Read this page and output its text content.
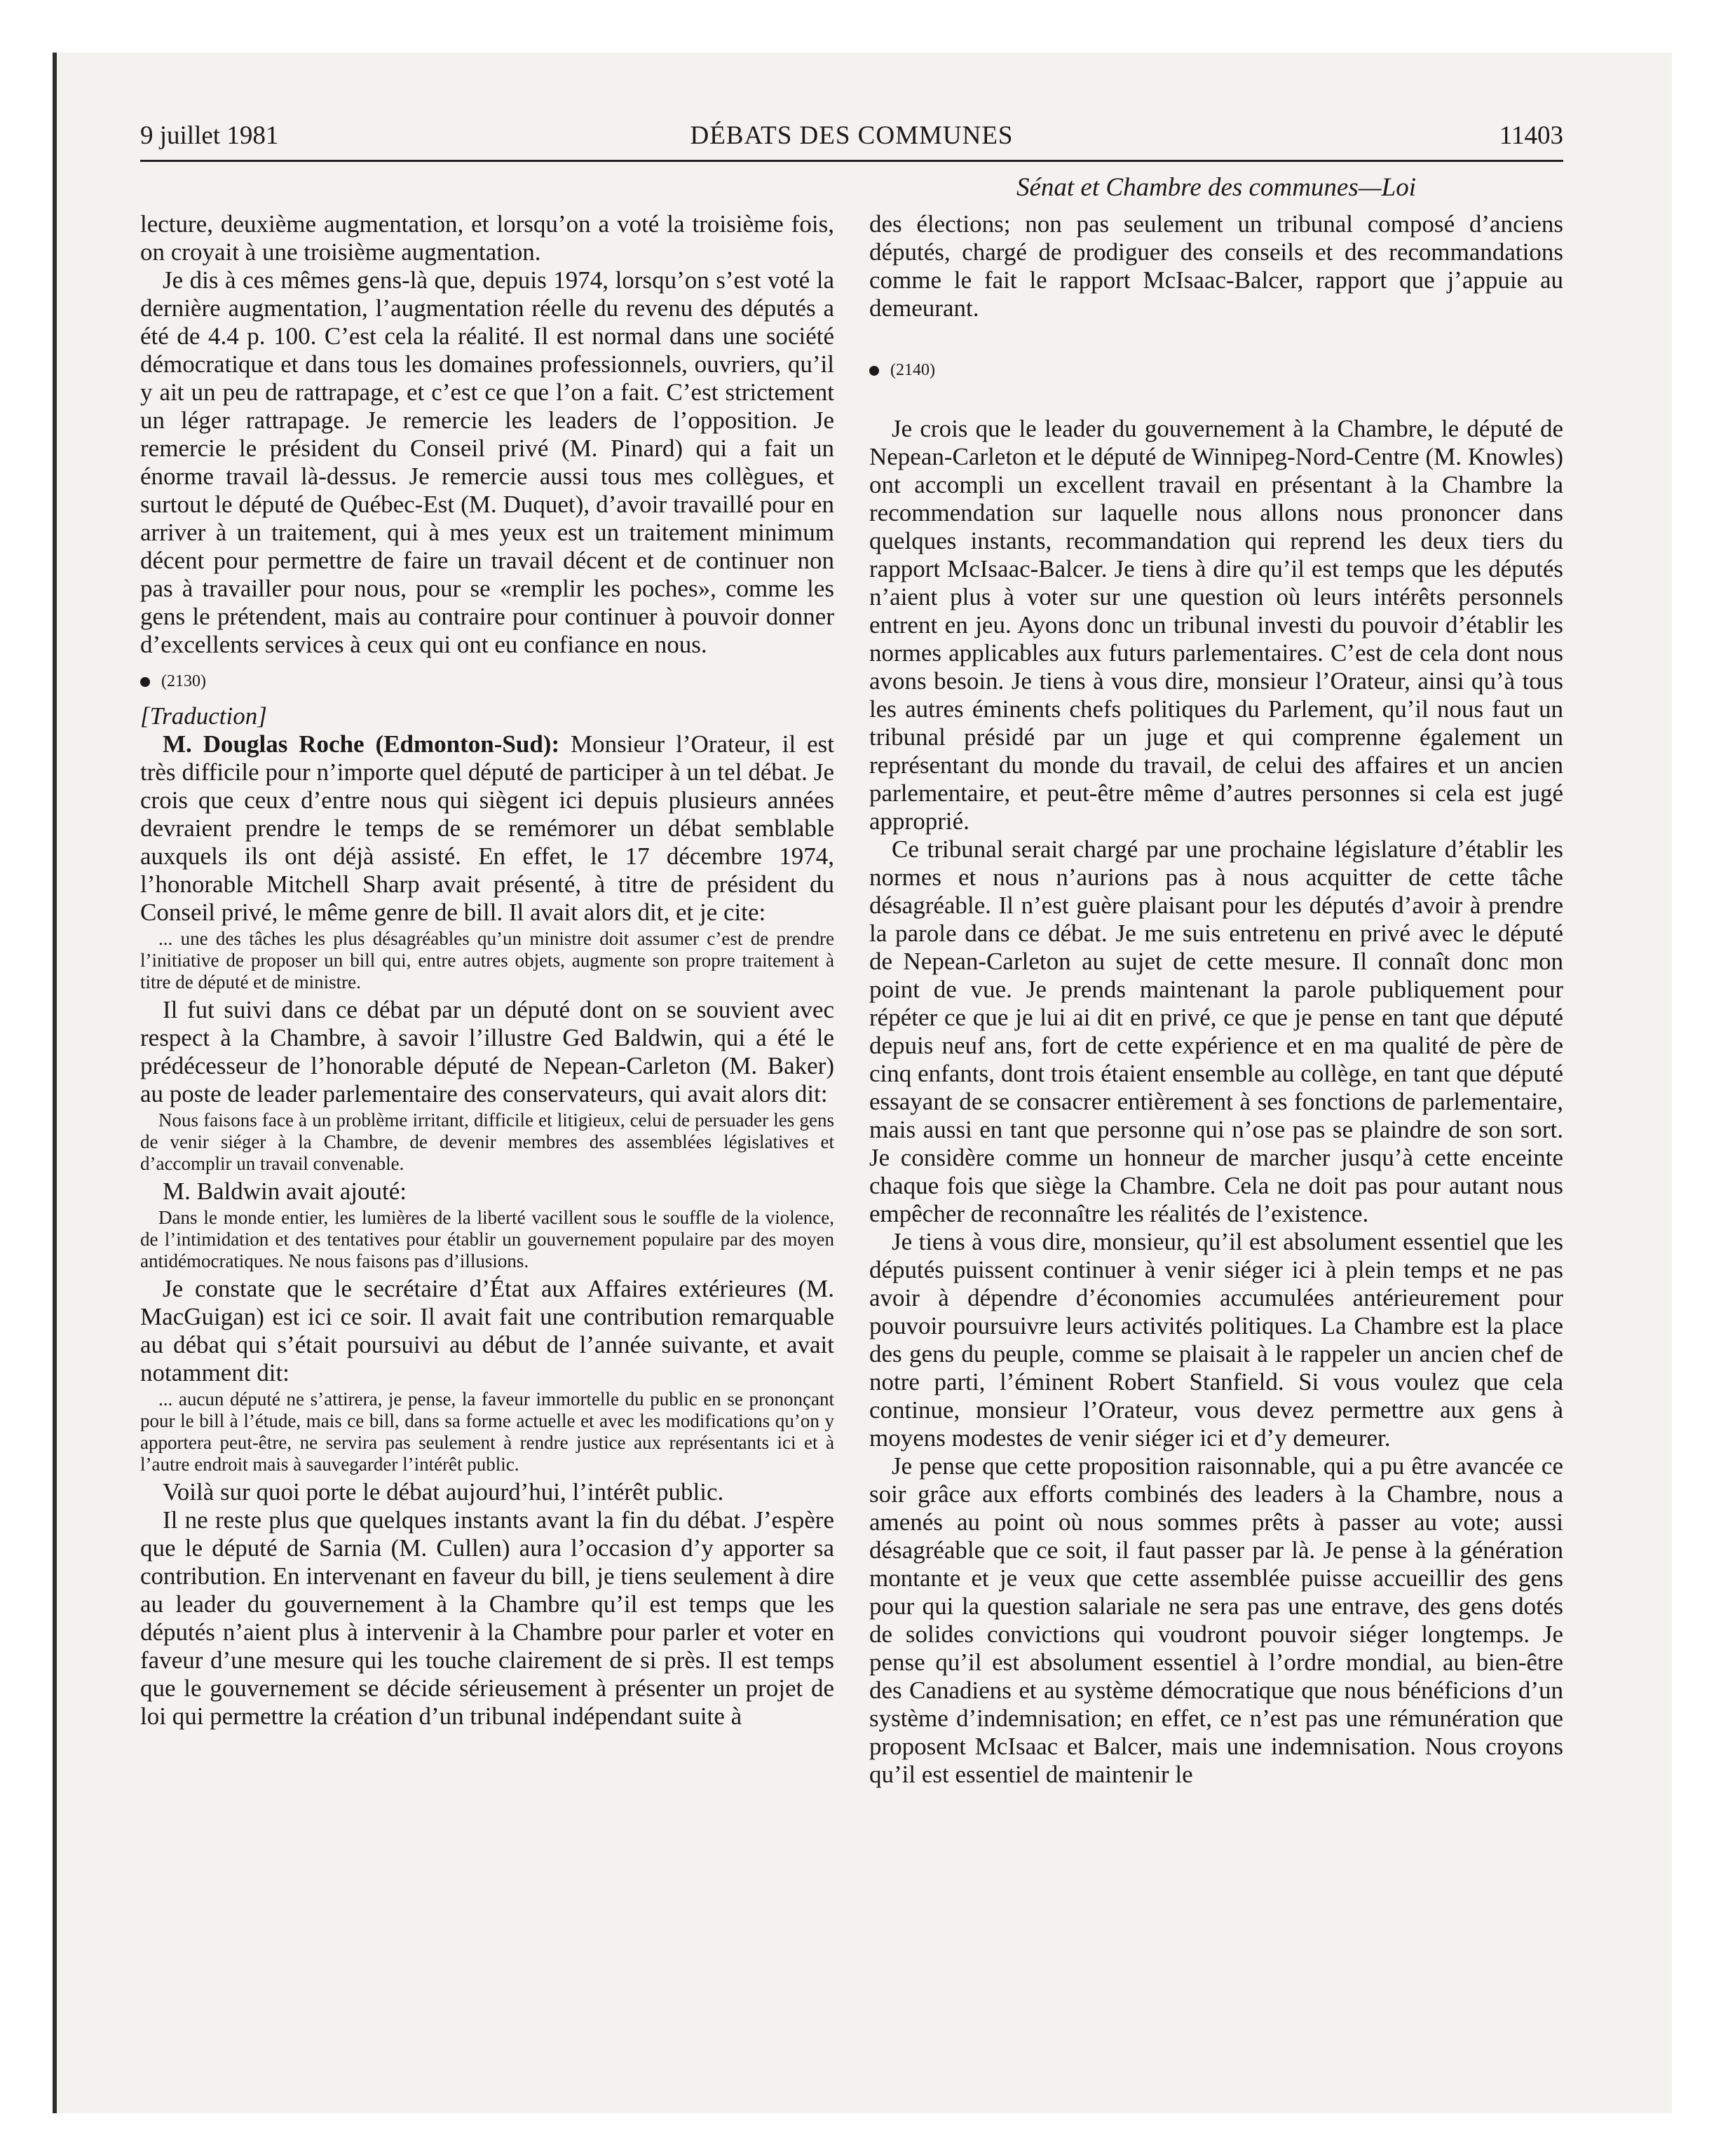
9 juillet 1981	DÉBATS DES COMMUNES	11403
Sénat et Chambre des communes—Loi

lecture, deuxième augmentation, et lorsqu’on a voté la troisième fois, on croyait à une troisième augmentation.

Je dis à ces mêmes gens-là que, depuis 1974, lorsqu’on s’est voté la dernière augmentation, l’augmentation réelle du revenu des députés a été de 4.4 p. 100. C’est cela la réalité. Il est normal dans une société démocratique et dans tous les domaines professionnels, ouvriers, qu’il y ait un peu de rattrapage, et c’est ce que l’on a fait. C’est strictement un léger rattrapage. Je remercie les leaders de l’opposition. Je remercie le président du Conseil privé (M. Pinard) qui a fait un énorme travail là-dessus. Je remercie aussi tous mes collègues, et surtout le député de Québec-Est (M. Duquet), d’avoir travaillé pour en arriver à un traitement, qui à mes yeux est un traitement minimum décent pour permettre de faire un travail décent et de continuer non pas à travailler pour nous, pour se «remplir les poches», comme les gens le prétendent, mais au contraire pour continuer à pouvoir donner d’excellents services à ceux qui ont eu confiance en nous.

(2130)

[Traduction]

M. Douglas Roche (Edmonton-Sud): Monsieur l’Orateur, il est très difficile pour n’importe quel député de participer à un tel débat. Je crois que ceux d’entre nous qui siègent ici depuis plusieurs années devraient prendre le temps de se remémorer un débat semblable auxquels ils ont déjà assisté. En effet, le 17 décembre 1974, l’honorable Mitchell Sharp avait présenté, à titre de président du Conseil privé, le même genre de bill. Il avait alors dit, et je cite:

... une des tâches les plus désagréables qu’un ministre doit assumer c’est de prendre l’initiative de proposer un bill qui, entre autres objets, augmente son propre traitement à titre de député et de ministre.

Il fut suivi dans ce débat par un député dont on se souvient avec respect à la Chambre, à savoir l’illustre Ged Baldwin, qui a été le prédécesseur de l’honorable député de Nepean-Carleton (M. Baker) au poste de leader parlementaire des conservateurs, qui avait alors dit:

Nous faisons face à un problème irritant, difficile et litigieux, celui de persuader les gens de venir siéger à la Chambre, de devenir membres des assemblées législatives et d’accomplir un travail convenable.

M. Baldwin avait ajouté:

Dans le monde entier, les lumières de la liberté vacillent sous le souffle de la violence, de l’intimidation et des tentatives pour établir un gouvernement populaire par des moyen antidémocratiques. Ne nous faisons pas d’illusions.

Je constate que le secrétaire d’État aux Affaires extérieures (M. MacGuigan) est ici ce soir. Il avait fait une contribution remarquable au débat qui s’était poursuivi au début de l’année suivante, et avait notamment dit:

... aucun député ne s’attirera, je pense, la faveur immortelle du public en se prononçant pour le bill à l’étude, mais ce bill, dans sa forme actuelle et avec les modifications qu’on y apportera peut-être, ne servira pas seulement à rendre justice aux représentants ici et à l’autre endroit mais à sauvegarder l’intérêt public.

Voilà sur quoi porte le débat aujourd’hui, l’intérêt public.

Il ne reste plus que quelques instants avant la fin du débat. J’espère que le député de Sarnia (M. Cullen) aura l’occasion d’y apporter sa contribution. En intervenant en faveur du bill, je tiens seulement à dire au leader du gouvernement à la Chambre qu’il est temps que les députés n’aient plus à intervenir à la Chambre pour parler et voter en faveur d’une mesure qui les touche clairement de si près. Il est temps que le gouvernement se décide sérieusement à présenter un projet de loi qui permettre la création d’un tribunal indépendant suite à

des élections; non pas seulement un tribunal composé d’anciens députés, chargé de prodiguer des conseils et des recommandations comme le fait le rapport McIsaac-Balcer, rapport que j’appuie au demeurant.

(2140)

Je crois que le leader du gouvernement à la Chambre, le député de Nepean-Carleton et le député de Winnipeg-Nord-Centre (M. Knowles) ont accompli un excellent travail en présentant à la Chambre la recommendation sur laquelle nous allons nous prononcer dans quelques instants, recommandation qui reprend les deux tiers du rapport McIsaac-Balcer. Je tiens à dire qu’il est temps que les députés n’aient plus à voter sur une question où leurs intérêts personnels entrent en jeu. Ayons donc un tribunal investi du pouvoir d’établir les normes applicables aux futurs parlementaires. C’est de cela dont nous avons besoin. Je tiens à vous dire, monsieur l’Orateur, ainsi qu’à tous les autres éminents chefs politiques du Parlement, qu’il nous faut un tribunal présidé par un juge et qui comprenne également un représentant du monde du travail, de celui des affaires et un ancien parlementaire, et peut-être même d’autres personnes si cela est jugé approprié.

Ce tribunal serait chargé par une prochaine législature d’établir les normes et nous n’aurions pas à nous acquitter de cette tâche désagréable. Il n’est guère plaisant pour les députés d’avoir à prendre la parole dans ce débat. Je me suis entretenu en privé avec le député de Nepean-Carleton au sujet de cette mesure. Il connaît donc mon point de vue. Je prends maintenant la parole publiquement pour répéter ce que je lui ai dit en privé, ce que je pense en tant que député depuis neuf ans, fort de cette expérience et en ma qualité de père de cinq enfants, dont trois étaient ensemble au collège, en tant que député essayant de se consacrer entièrement à ses fonctions de parlementaire, mais aussi en tant que personne qui n’ose pas se plaindre de son sort. Je considère comme un honneur de marcher jusqu’à cette enceinte chaque fois que siège la Chambre. Cela ne doit pas pour autant nous empêcher de reconnaître les réalités de l’existence.

Je tiens à vous dire, monsieur, qu’il est absolument essentiel que les députés puissent continuer à venir siéger ici à plein temps et ne pas avoir à dépendre d’économies accumulées antérieurement pour pouvoir poursuivre leurs activités politiques. La Chambre est la place des gens du peuple, comme se plaisait à le rappeler un ancien chef de notre parti, l’éminent Robert Stanfield. Si vous voulez que cela continue, monsieur l’Orateur, vous devez permettre aux gens à moyens modestes de venir siéger ici et d’y demeurer.

Je pense que cette proposition raisonnable, qui a pu être avancée ce soir grâce aux efforts combinés des leaders à la Chambre, nous a amenés au point où nous sommes prêts à passer au vote; aussi désagréable que ce soit, il faut passer par là. Je pense à la génération montante et je veux que cette assemblée puisse accueillir des gens pour qui la question salariale ne sera pas une entrave, des gens dotés de solides convictions qui voudront pouvoir siéger longtemps. Je pense qu’il est absolument essentiel à l’ordre mondial, au bien-être des Canadiens et au système démocratique que nous bénéficions d’un système d’indemnisation; en effet, ce n’est pas une rémunération que proposent McIsaac et Balcer, mais une indemnisation. Nous croyons qu’il est essentiel de maintenir le
